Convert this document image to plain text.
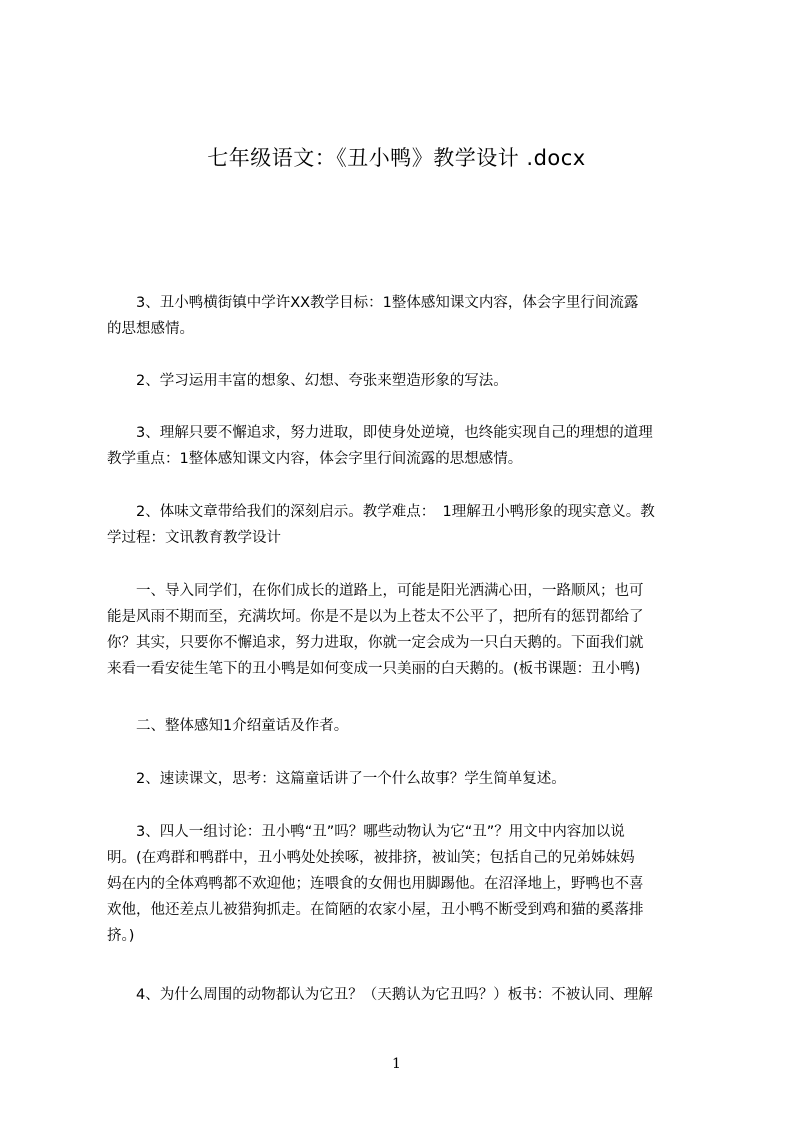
七年级语文：《丑小鸭》教学设计 .docx
　　3、丑小鸭横街镇中学许XX教学目标：1整体感知课文内容，体会字里行间流露
的思想感情。
　　2、学习运用丰富的想象、幻想、夸张来塑造形象的写法。
　　3、理解只要不懈追求，努力进取，即使身处逆境，也终能实现自己的理想的道理
教学重点：1整体感知课文内容，体会字里行间流露的思想感情。
　　2、体味文章带给我们的深刻启示。教学难点：　1理解丑小鸭形象的现实意义。教
学过程：文讯教育教学设计
　　一、导入同学们，在你们成长的道路上，可能是阳光洒满心田，一路顺风；也可
能是风雨不期而至，充满坎坷。你是不是以为上苍太不公平了，把所有的惩罚都给了
你？其实，只要你不懈追求，努力进取，你就一定会成为一只白天鹅的。下面我们就
来看一看安徒生笔下的丑小鸭是如何变成一只美丽的白天鹅的。(板书课题：丑小鸭)
　　二、整体感知1介绍童话及作者。
　　2、速读课文，思考：这篇童话讲了一个什么故事？学生简单复述。
　　3、四人一组讨论：丑小鸭“丑”吗？哪些动物认为它“丑”？用文中内容加以说
明。(在鸡群和鸭群中，丑小鸭处处挨啄，被排挤，被讪笑；包括自己的兄弟姊妹妈
妈在内的全体鸡鸭都不欢迎他；连喂食的女佣也用脚踢他。在沼泽地上，野鸭也不喜
欢他，他还差点儿被猎狗抓走。在简陋的农家小屋，丑小鸭不断受到鸡和猫的奚落排
挤。)
　　4、为什么周围的动物都认为它丑？（天鹅认为它丑吗？）板书：不被认同、理解
1
